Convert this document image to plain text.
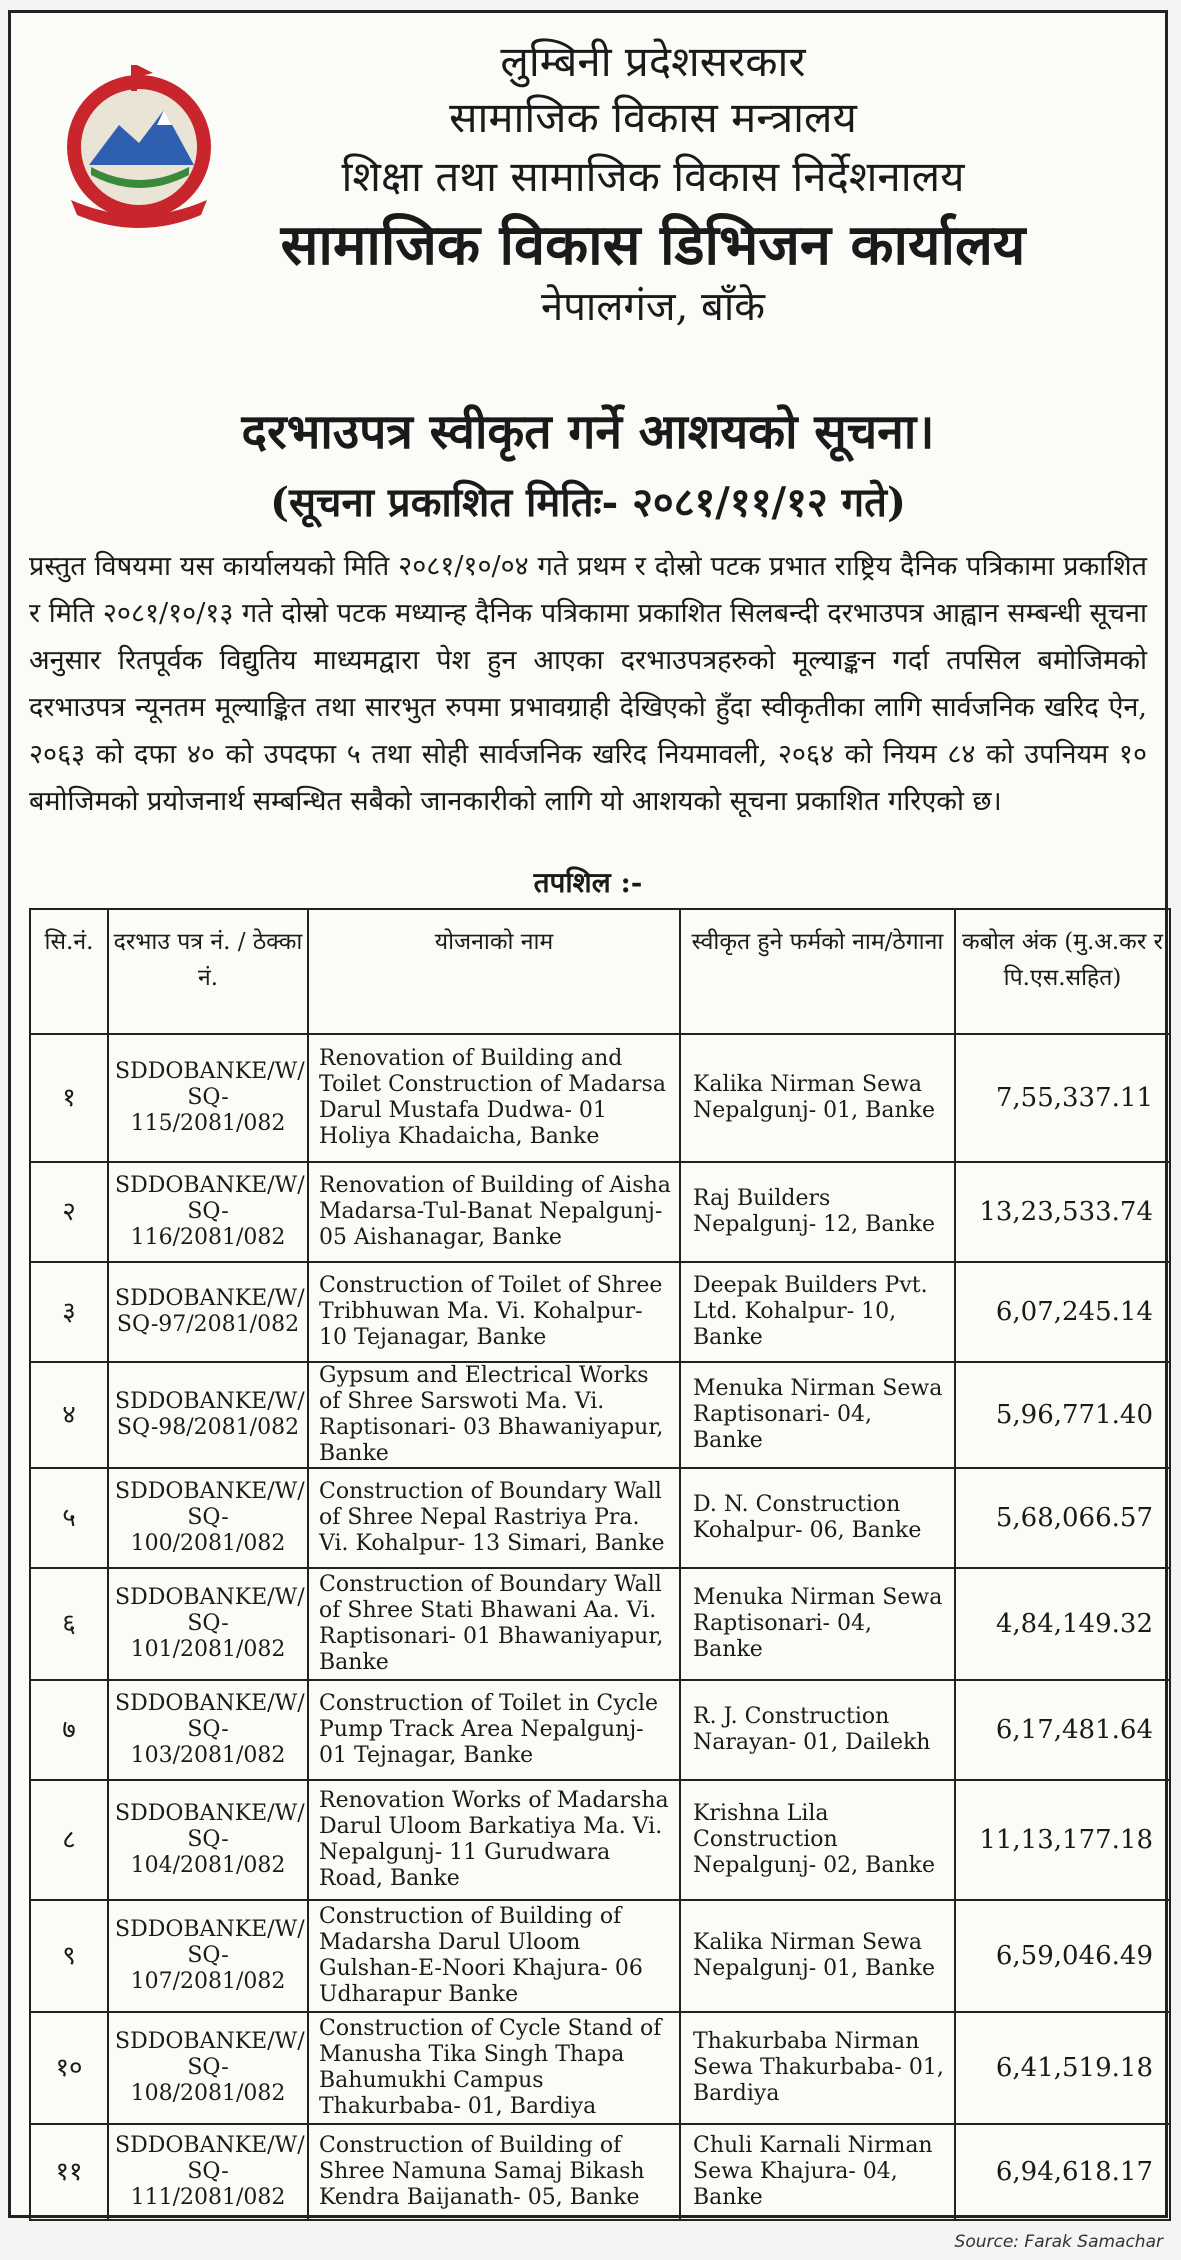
लुम्बिनी प्रदेशसरकार
सामाजिक विकास मन्त्रालय
शिक्षा तथा सामाजिक विकास निर्देशनालय
सामाजिक विकास डिभिजन कार्यालय
नेपालगंज, बाँके
दरभाउपत्र स्वीकृत गर्ने आशयको सूचना।
(सूचना प्रकाशित मितिः- २०८१/११/१२ गते)
प्रस्तुत विषयमा यस कार्यालयको मिति २०८१/१०/०४ गते प्रथम र दोस्रो पटक प्रभात राष्ट्रिय दैनिक पत्रिकामा प्रकाशित र मिति २०८१/१०/१३ गते दोस्रो पटक मध्यान्ह दैनिक पत्रिकामा प्रकाशित सिलबन्दी दरभाउपत्र आह्वान सम्बन्धी सूचना अनुसार रितपूर्वक विद्युतिय माध्यमद्वारा पेश हुन आएका दरभाउपत्रहरुको मूल्याङ्कन गर्दा तपसिल बमोजिमको दरभाउपत्र न्यूनतम मूल्याङ्कित तथा सारभुत रुपमा प्रभावग्राही देखिएको हुँदा स्वीकृतीका लागि सार्वजनिक खरिद ऐन, २०६३ को दफा ४० को उपदफा ५ तथा सोही सार्वजनिक खरिद नियमावली, २०६४ को नियम ८४ को उपनियम १० बमोजिमको प्रयोजनार्थ सम्बन्धित सबैको जानकारीको लागि यो आशयको सूचना प्रकाशित गरिएको छ।
तपशिल :-
सि.नं.	दरभाउ पत्र नं. / ठेक्का नं.	योजनाको नाम	स्वीकृत हुने फर्मको नाम/ठेगाना	कबोल अंक (मु.अ.कर र पि.एस.सहित)
१	SDDOBANKE/W/ SQ-115/2081/082	Renovation of Building and Toilet Construction of Madarsa Darul Mustafa Dudwa- 01 Holiya Khadaicha, Banke	Kalika Nirman Sewa Nepalgunj- 01, Banke	7,55,337.11
२	SDDOBANKE/W/ SQ-116/2081/082	Renovation of Building of Aisha Madarsa-Tul-Banat Nepalgunj- 05 Aishanagar, Banke	Raj Builders Nepalgunj- 12, Banke	13,23,533.74
३	SDDOBANKE/W/ SQ-97/2081/082	Construction of Toilet of Shree Tribhuwan Ma. Vi. Kohalpur- 10 Tejanagar, Banke	Deepak Builders Pvt. Ltd. Kohalpur- 10, Banke	6,07,245.14
४	SDDOBANKE/W/ SQ-98/2081/082	Gypsum and Electrical Works of Shree Sarswoti Ma. Vi. Raptisonari- 03 Bhawaniyapur, Banke	Menuka Nirman Sewa Raptisonari- 04, Banke	5,96,771.40
५	SDDOBANKE/W/ SQ-100/2081/082	Construction of Boundary Wall of Shree Nepal Rastriya Pra. Vi. Kohalpur- 13 Simari, Banke	D. N. Construction Kohalpur- 06, Banke	5,68,066.57
६	SDDOBANKE/W/ SQ-101/2081/082	Construction of Boundary Wall of Shree Stati Bhawani Aa. Vi. Raptisonari- 01 Bhawaniyapur, Banke	Menuka Nirman Sewa Raptisonari- 04, Banke	4,84,149.32
७	SDDOBANKE/W/ SQ-103/2081/082	Construction of Toilet in Cycle Pump Track Area Nepalgunj- 01 Tejnagar, Banke	R. J. Construction Narayan- 01, Dailekh	6,17,481.64
८	SDDOBANKE/W/ SQ-104/2081/082	Renovation Works of Madarsha Darul Uloom Barkatiya Ma. Vi. Nepalgunj- 11 Gurudwara Road, Banke	Krishna Lila Construction Nepalgunj- 02, Banke	11,13,177.18
९	SDDOBANKE/W/ SQ-107/2081/082	Construction of Building of Madarsha Darul Uloom Gulshan-E-Noori Khajura- 06 Udharapur Banke	Kalika Nirman Sewa Nepalgunj- 01, Banke	6,59,046.49
१०	SDDOBANKE/W/ SQ-108/2081/082	Construction of Cycle Stand of Manusha Tika Singh Thapa Bahumukhi Campus Thakurbaba- 01, Bardiya	Thakurbaba Nirman Sewa Thakurbaba- 01, Bardiya	6,41,519.18
११	SDDOBANKE/W/ SQ-111/2081/082	Construction of Building of Shree Namuna Samaj Bikash Kendra Baijanath- 05, Banke	Chuli Karnali Nirman Sewa Khajura- 04, Banke	6,94,618.17
Source: Farak Samachar
